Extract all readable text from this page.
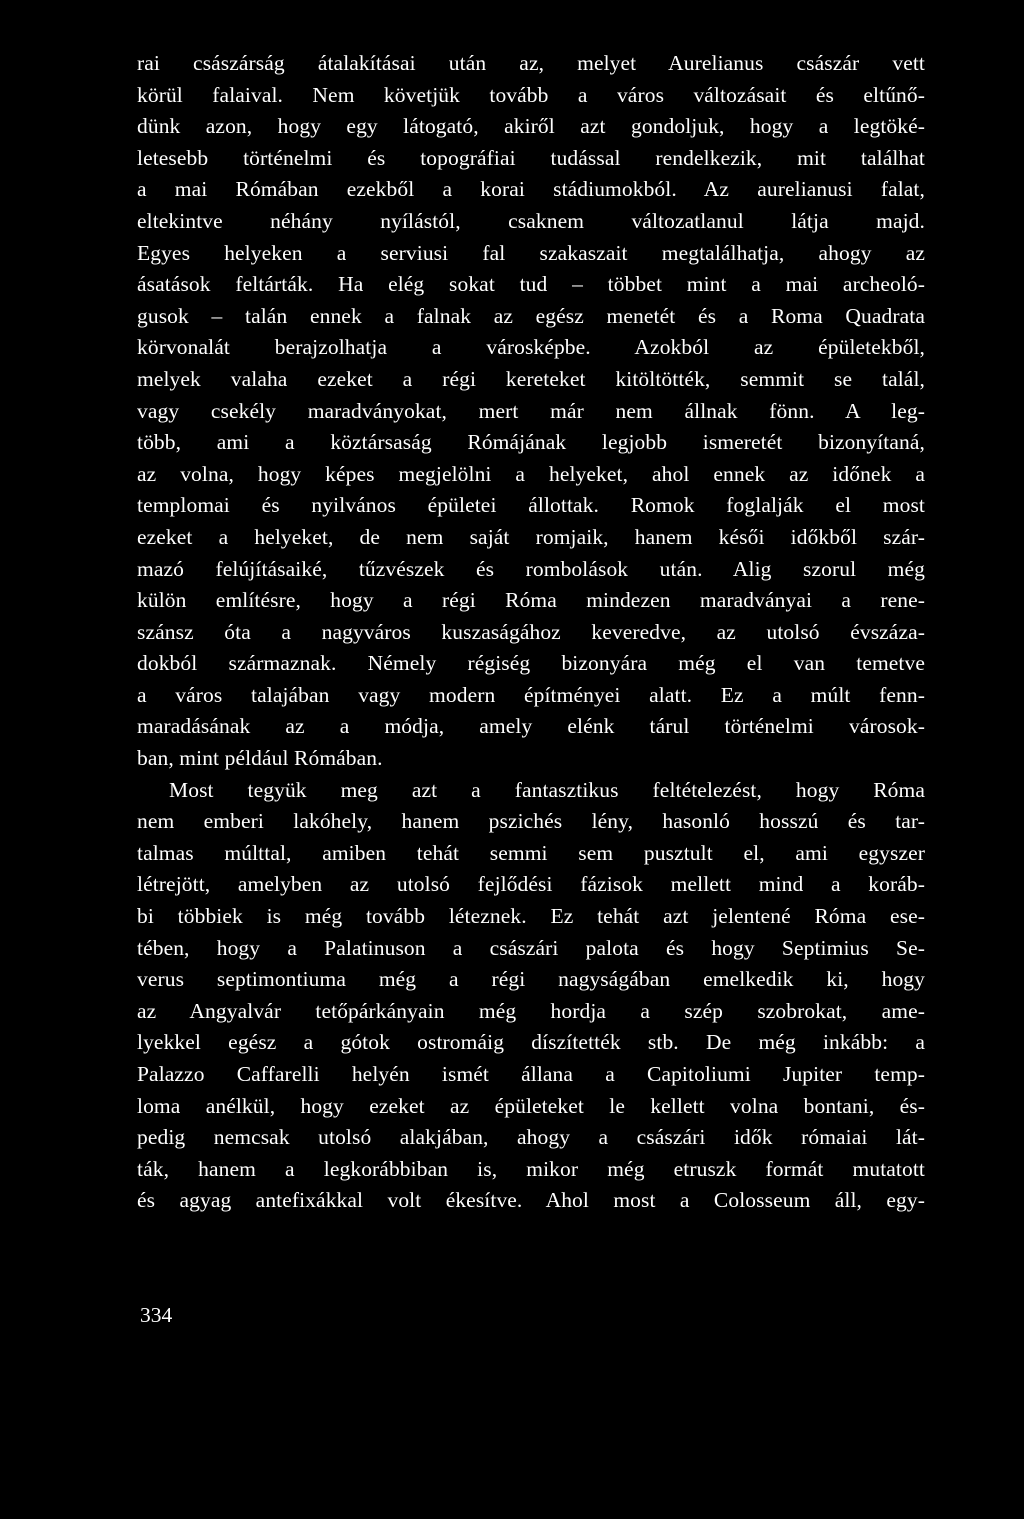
rai császárság átalakításai után az, melyet Aurelianus császár vett
körül falaival. Nem követjük tovább a város változásait és eltűnő-
dünk azon, hogy egy látogató, akiről azt gondoljuk, hogy a legtöké-
letesebb történelmi és topográfiai tudással rendelkezik, mit találhat
a mai Rómában ezekből a korai stádiumokból. Az aurelianusi falat,
eltekintve néhány nyílástól, csaknem változatlanul látja majd.
Egyes helyeken a serviusi fal szakaszait megtalálhatja, ahogy az
ásatások feltárták. Ha elég sokat tud – többet mint a mai archeoló-
gusok – talán ennek a falnak az egész menetét és a Roma Quadrata
körvonalát berajzolhatja a városképbe. Azokból az épületekből,
melyek valaha ezeket a régi kereteket kitöltötték, semmit se talál,
vagy csekély maradványokat, mert már nem állnak fönn. A leg-
több, ami a köztársaság Rómájának legjobb ismeretét bizonyítaná,
az volna, hogy képes megjelölni a helyeket, ahol ennek az időnek a
templomai és nyilvános épületei állottak. Romok foglalják el most
ezeket a helyeket, de nem saját romjaik, hanem késői időkből szár-
mazó felújításaiké, tűzvészek és rombolások után. Alig szorul még
külön említésre, hogy a régi Róma mindezen maradványai a rene-
szánsz óta a nagyváros kuszaságához keveredve, az utolsó évszáza-
dokból származnak. Némely régiség bizonyára még el van temetve
a város talajában vagy modern építményei alatt. Ez a múlt fenn-
maradásának az a módja, amely elénk tárul történelmi városok-
ban, mint például Rómában.
Most tegyük meg azt a fantasztikus feltételezést, hogy Róma
nem emberi lakóhely, hanem pszichés lény, hasonló hosszú és tar-
talmas múlttal, amiben tehát semmi sem pusztult el, ami egyszer
létrejött, amelyben az utolsó fejlődési fázisok mellett mind a koráb-
bi többiek is még tovább léteznek. Ez tehát azt jelentené Róma ese-
tében, hogy a Palatinuson a császári palota és hogy Septimius Se-
verus septimontiuma még a régi nagyságában emelkedik ki, hogy
az Angyalvár tetőpárkányain még hordja a szép szobrokat, ame-
lyekkel egész a gótok ostromáig díszítették stb. De még inkább: a
Palazzo Caffarelli helyén ismét állana a Capitoliumi Jupiter temp-
loma anélkül, hogy ezeket az épületeket le kellett volna bontani, és-
pedig nemcsak utolsó alakjában, ahogy a császári idők rómaiai lát-
ták, hanem a legkorábbiban is, mikor még etruszk formát mutatott
és agyag antefixákkal volt ékesítve. Ahol most a Colosseum áll, egy-
334
